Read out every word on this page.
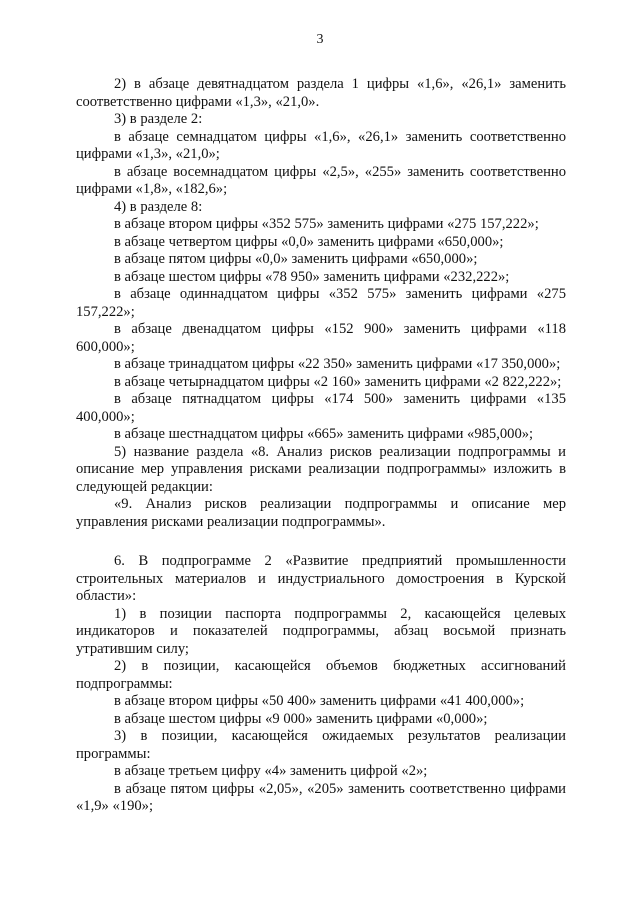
3

2) в абзаце девятнадцатом раздела 1 цифры «1,6», «26,1» заменить соответственно цифрами «1,3», «21,0».

3) в разделе 2:

в абзаце семнадцатом цифры «1,6», «26,1» заменить соответственно цифрами «1,3», «21,0»;

в абзаце восемнадцатом цифры «2,5», «255» заменить соответственно цифрами «1,8», «182,6»;

4) в разделе 8:

в абзаце втором цифры «352 575» заменить цифрами «275 157,222»;

в абзаце четвертом цифры «0,0» заменить цифрами «650,000»;

в абзаце пятом цифры «0,0» заменить цифрами «650,000»;

в абзаце шестом цифры «78 950» заменить цифрами «232,222»;

в абзаце одиннадцатом цифры «352 575» заменить цифрами «275 157,222»;

в абзаце двенадцатом цифры «152 900» заменить цифрами «118 600,000»;

в абзаце тринадцатом цифры «22 350» заменить цифрами «17 350,000»;

в абзаце четырнадцатом цифры «2 160» заменить цифрами «2 822,222»;

в абзаце пятнадцатом цифры «174 500» заменить цифрами «135 400,000»;

в абзаце шестнадцатом цифры «665» заменить цифрами «985,000»;

5) название раздела «8. Анализ рисков реализации подпрограммы и описание мер управления рисками реализации подпрограммы» изложить в следующей редакции:

«9. Анализ рисков реализации подпрограммы и описание мер управления рисками реализации подпрограммы».

6. В подпрограмме 2 «Развитие предприятий промышленности строительных материалов и индустриального домостроения в Курской области»:

1) в позиции паспорта подпрограммы 2, касающейся целевых индикаторов и показателей подпрограммы, абзац восьмой признать утратившим силу;

2) в позиции, касающейся объемов бюджетных ассигнований подпрограммы:

в абзаце втором цифры «50 400» заменить цифрами «41 400,000»;

в абзаце шестом цифры «9 000» заменить цифрами «0,000»;

3) в позиции, касающейся ожидаемых результатов реализации программы:

в абзаце третьем цифру «4» заменить цифрой «2»;

в абзаце пятом цифры «2,05», «205» заменить соответственно цифрами «1,9» «190»;
